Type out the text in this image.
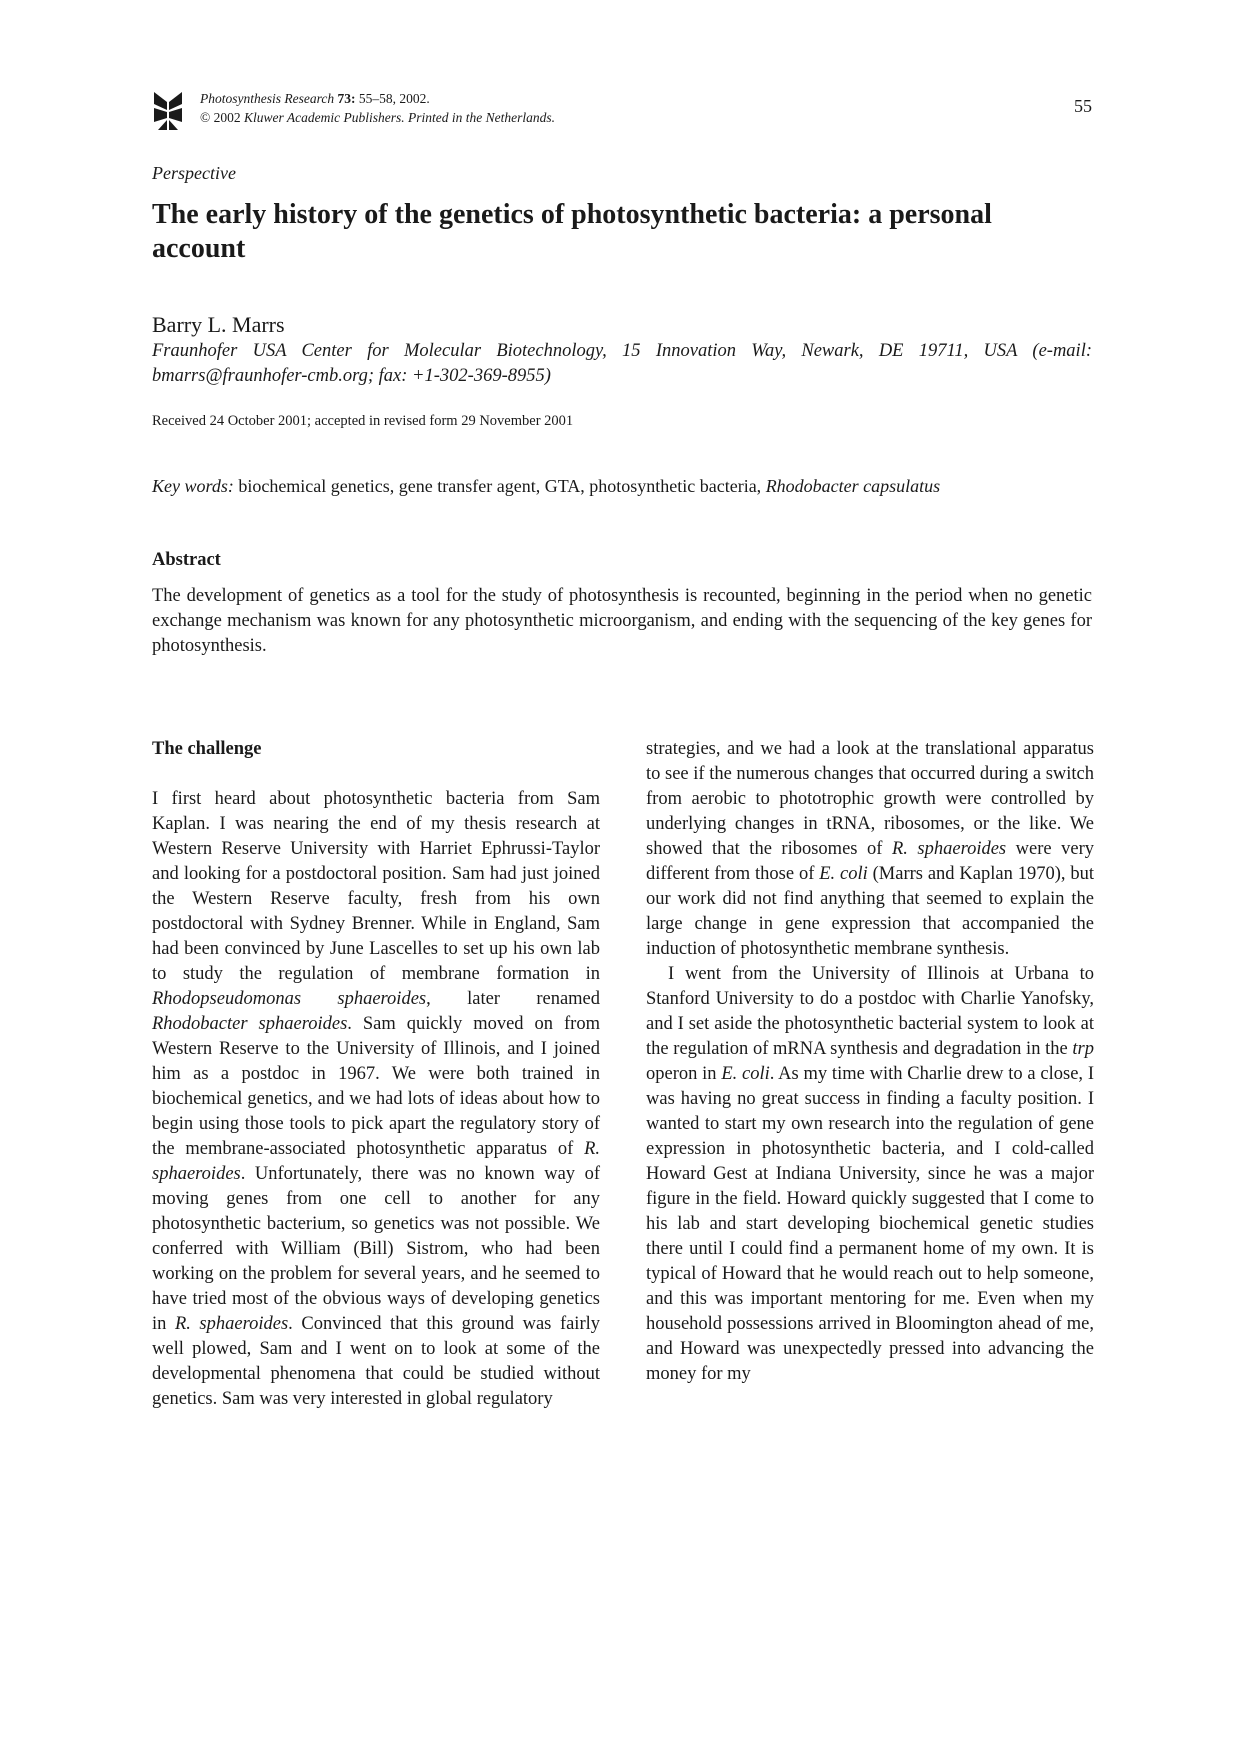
Photosynthesis Research 73: 55–58, 2002.
© 2002 Kluwer Academic Publishers. Printed in the Netherlands.
55
Perspective
The early history of the genetics of photosynthetic bacteria: a personal account
Barry L. Marrs
Fraunhofer USA Center for Molecular Biotechnology, 15 Innovation Way, Newark, DE 19711, USA (e-mail: bmarrs@fraunhofer-cmb.org; fax: +1-302-369-8955)
Received 24 October 2001; accepted in revised form 29 November 2001
Key words: biochemical genetics, gene transfer agent, GTA, photosynthetic bacteria, Rhodobacter capsulatus
Abstract

The development of genetics as a tool for the study of photosynthesis is recounted, beginning in the period when no genetic exchange mechanism was known for any photosynthetic microorganism, and ending with the sequencing of the key genes for photosynthesis.

The challenge

I first heard about photosynthetic bacteria from Sam Kaplan. I was nearing the end of my thesis research at Western Reserve University with Harriet Ephrussi-Taylor and looking for a postdoctoral position. Sam had just joined the Western Reserve faculty, fresh from his own postdoctoral with Sydney Brenner. While in England, Sam had been convinced by June Lascelles to set up his own lab to study the regulation of membrane formation in Rhodopseudomonas sphaeroides, later renamed Rhodobacter sphaeroides. Sam quickly moved on from Western Reserve to the University of Illinois, and I joined him as a postdoc in 1967. We were both trained in biochemical genetics, and we had lots of ideas about how to begin using those tools to pick apart the regulatory story of the membrane-associated photosynthetic apparatus of R. sphaeroides. Unfortunately, there was no known way of moving genes from one cell to another for any photosynthetic bacterium, so genetics was not possible. We conferred with William (Bill) Sistrom, who had been working on the problem for several years, and he seemed to have tried most of the obvious ways of developing genetics in R. sphaeroides. Convinced that this ground was fairly well plowed, Sam and I went on to look at some of the developmental phenomena that could be studied without genetics. Sam was very interested in global regulatory

strategies, and we had a look at the translational apparatus to see if the numerous changes that occurred during a switch from aerobic to phototrophic growth were controlled by underlying changes in tRNA, ribosomes, or the like. We showed that the ribosomes of R. sphaeroides were very different from those of E. coli (Marrs and Kaplan 1970), but our work did not find anything that seemed to explain the large change in gene expression that accompanied the induction of photosynthetic membrane synthesis.

I went from the University of Illinois at Urbana to Stanford University to do a postdoc with Charlie Yanofsky, and I set aside the photosynthetic bacterial system to look at the regulation of mRNA synthesis and degradation in the trp operon in E. coli. As my time with Charlie drew to a close, I was having no great success in finding a faculty position. I wanted to start my own research into the regulation of gene expression in photosynthetic bacteria, and I cold-called Howard Gest at Indiana University, since he was a major figure in the field. Howard quickly suggested that I come to his lab and start developing biochemical genetic studies there until I could find a permanent home of my own. It is typical of Howard that he would reach out to help someone, and this was important mentoring for me. Even when my household possessions arrived in Bloomington ahead of me, and Howard was unexpectedly pressed into advancing the money for my
